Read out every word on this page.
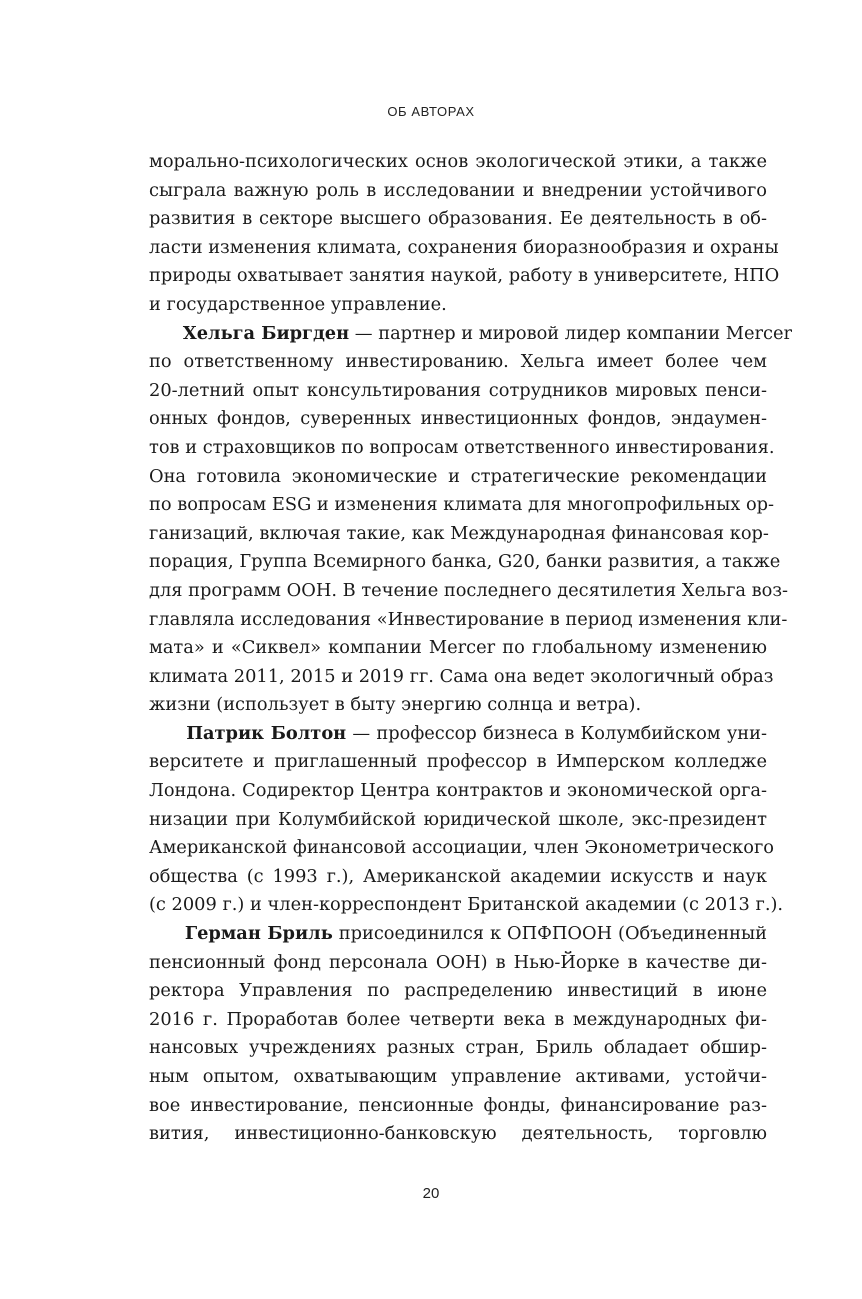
ОБ АВТОРАХ

морально-психологических основ экологической этики, а также
сыграла важную роль в исследовании и внедрении устойчивого
развития в секторе высшего образования. Ее деятельность в об-
ласти изменения климата, сохранения биоразнообразия и охраны
природы охватывает занятия наукой, работу в университете, НПО
и государственное управление.

Хельга Биргден — партнер и мировой лидер компании Mercer
по ответственному инвестированию. Хельга имеет более чем
20-летний опыт консультирования сотрудников мировых пенси-
онных фондов, суверенных инвестиционных фондов, эндаумен-
тов и страховщиков по вопросам ответственного инвестирования.
Она готовила экономические и стратегические рекомендации
по вопросам ESG и изменения климата для многопрофильных ор-
ганизаций, включая такие, как Международная финансовая кор-
порация, Группа Всемирного банка, G20, банки развития, а также
для программ ООН. В течение последнего десятилетия Хельга воз-
главляла исследования «Инвестирование в период изменения кли-
мата» и «Сиквел» компании Mercer по глобальному изменению
климата 2011, 2015 и 2019 гг. Сама она ведет экологичный образ
жизни (использует в быту энергию солнца и ветра).

Патрик Болтон — профессор бизнеса в Колумбийском уни-
верситете и приглашенный профессор в Имперском колледже
Лондона. Содиректор Центра контрактов и экономической орга-
низации при Колумбийской юридической школе, экс-президент
Американской финансовой ассоциации, член Эконометрического
общества (с 1993 г.), Американской академии искусств и наук
(с 2009 г.) и член-корреспондент Британской академии (с 2013 г.).

Герман Бриль присоединился к ОПФПООН (Объединенный
пенсионный фонд персонала ООН) в Нью-Йорке в качестве ди-
ректора Управления по распределению инвестиций в июне
2016 г. Проработав более четверти века в международных фи-
нансовых учреждениях разных стран, Бриль обладает обшир-
ным опытом, охватывающим управление активами, устойчи-
вое инвестирование, пенсионные фонды, финансирование раз-
вития, инвестиционно-банковскую деятельность, торговлю

20
